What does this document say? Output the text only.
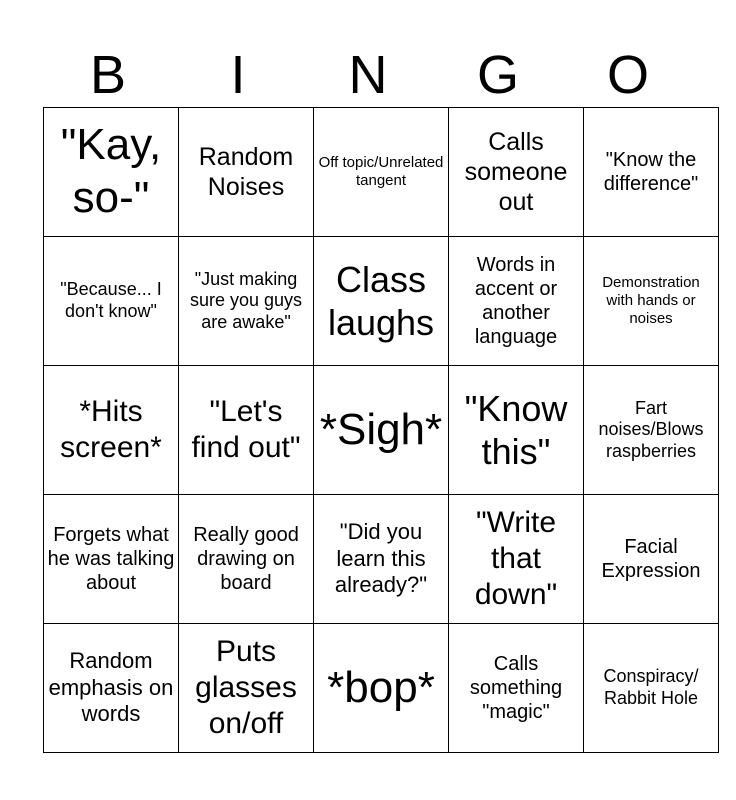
B	I	N	G	O
"Kay, so-"	Random Noises	Off topic/Unrelated tangent	Calls someone out	"Know the difference"
"Because... I don't know"	"Just making sure you guys are awake"	Class laughs	Words in accent or another language	Demonstration with hands or noises
*Hits screen*	"Let's find out"	*Sigh*	"Know this"	Fart noises/Blows raspberries
Forgets what he was talking about	Really good drawing on board	"Did you learn this already?"	"Write that down"	Facial Expression
Random emphasis on words	Puts glasses on/off	*bop*	Calls something "magic"	Conspiracy/ Rabbit Hole
